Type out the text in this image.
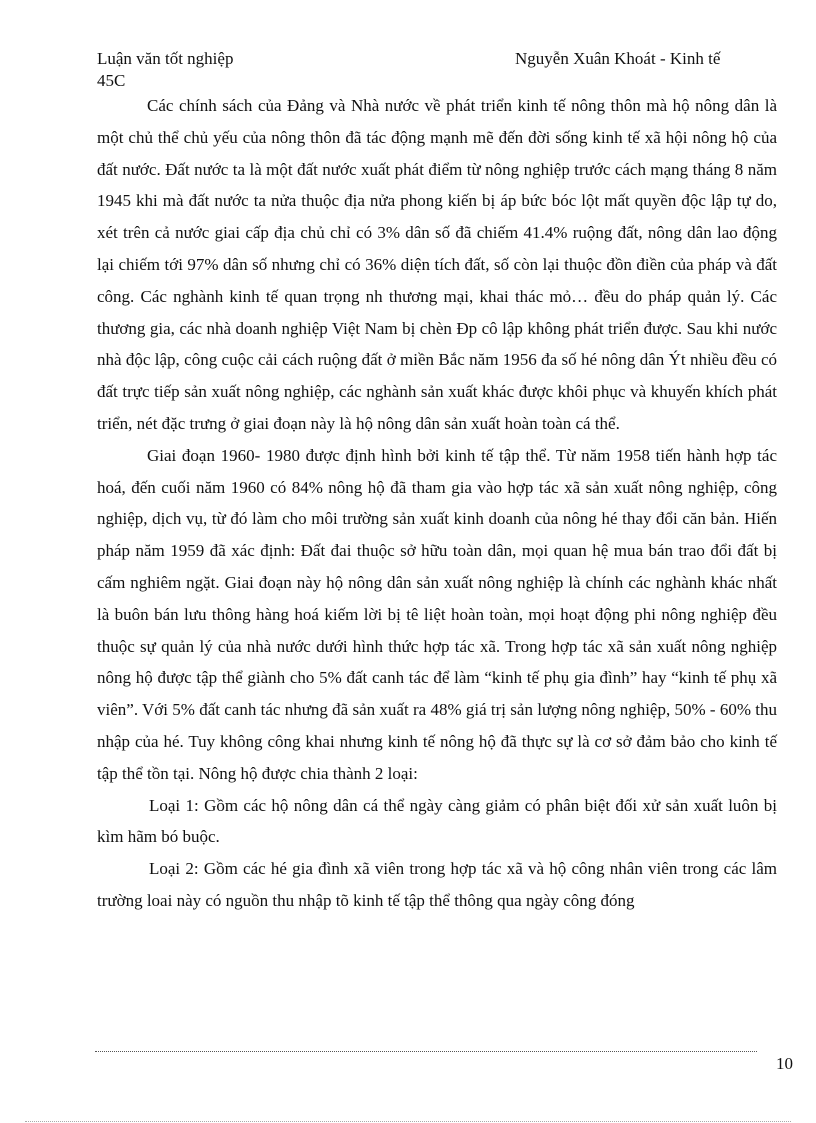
Luận văn tốt nghiệp	Nguyễn Xuân Khoát - Kinh tế
45C

Các chính sách của Đảng và Nhà nước về phát triển kinh tế nông thôn mà hộ nông dân là một chủ thể chủ yếu của nông thôn đã tác động mạnh mẽ đến đời sống kinh tế xã hội nông hộ của đất nước. Đất nước ta là một đất nước xuất phát điểm từ nông nghiệp trước cách mạng tháng 8 năm 1945 khi mà đất nước ta nửa thuộc địa nửa phong kiến bị áp bức bóc lột mất quyền độc lập tự do, xét trên cả nước giai cấp địa chủ chỉ có 3% dân số đã chiếm 41.4% ruộng đất, nông dân lao động lại chiếm tới 97% dân số nhưng chỉ có 36% diện tích đất, số còn lại thuộc đồn điền của pháp và đất công. Các nghành kinh tế quan trọng nh thương mại, khai thác mỏ… đều do pháp quản lý. Các thương gia, các nhà doanh nghiệp Việt Nam bị chèn Ðp cô lập không phát triển được. Sau khi nước nhà độc lập, công cuộc cải cách ruộng đất ở miền Bắc năm 1956 đa số hé nông dân Ýt nhiều đều có đất trực tiếp sản xuất nông nghiệp, các nghành sản xuất khác được khôi phục và khuyến khích phát triển, nét đặc trưng ở giai đoạn này là hộ nông dân sản xuất hoàn toàn cá thể.

Giai đoạn 1960- 1980 được định hình bởi kinh tế tập thể. Từ năm 1958 tiến hành hợp tác hoá, đến cuối năm 1960 có 84% nông hộ đã tham gia vào hợp tác xã sản xuất nông nghiệp, công nghiệp, dịch vụ, từ đó làm cho môi trường sản xuất kinh doanh của nông hé thay đổi căn bản. Hiến pháp năm 1959 đã xác định: Đất đai thuộc sở hữu toàn dân, mọi quan hệ mua bán trao đổi đất bị cấm nghiêm ngặt. Giai đoạn này hộ nông dân sản xuất nông nghiệp là chính các nghành khác nhất là buôn bán lưu thông hàng hoá kiếm lời bị tê liệt hoàn toàn, mọi hoạt động phi nông nghiệp đều thuộc sự quản lý của nhà nước dưới hình thức hợp tác xã. Trong hợp tác xã sản xuất nông nghiệp nông hộ được tập thể giành cho 5% đất canh tác để làm “kinh tế phụ gia đình” hay “kinh tế phụ xã viên”. Với 5% đất canh tác nhưng đã sản xuất ra 48% giá trị sản lượng nông nghiệp, 50% - 60% thu nhập của hé. Tuy không công khai nhưng kinh tế nông hộ đã thực sự là cơ sở đảm bảo cho kinh tế tập thể tồn tại. Nông hộ được chia thành 2 loại:

Loại 1: Gồm các hộ nông dân cá thể ngày càng giảm có phân biệt đối xử sản xuất luôn bị kìm hãm bó buộc.

Loại 2: Gồm các hé gia đình xã viên trong hợp tác xã và hộ công nhân viên trong các lâm trường loai này có nguồn thu nhập tõ kinh tế tập thể thông qua ngày công đóng

10
